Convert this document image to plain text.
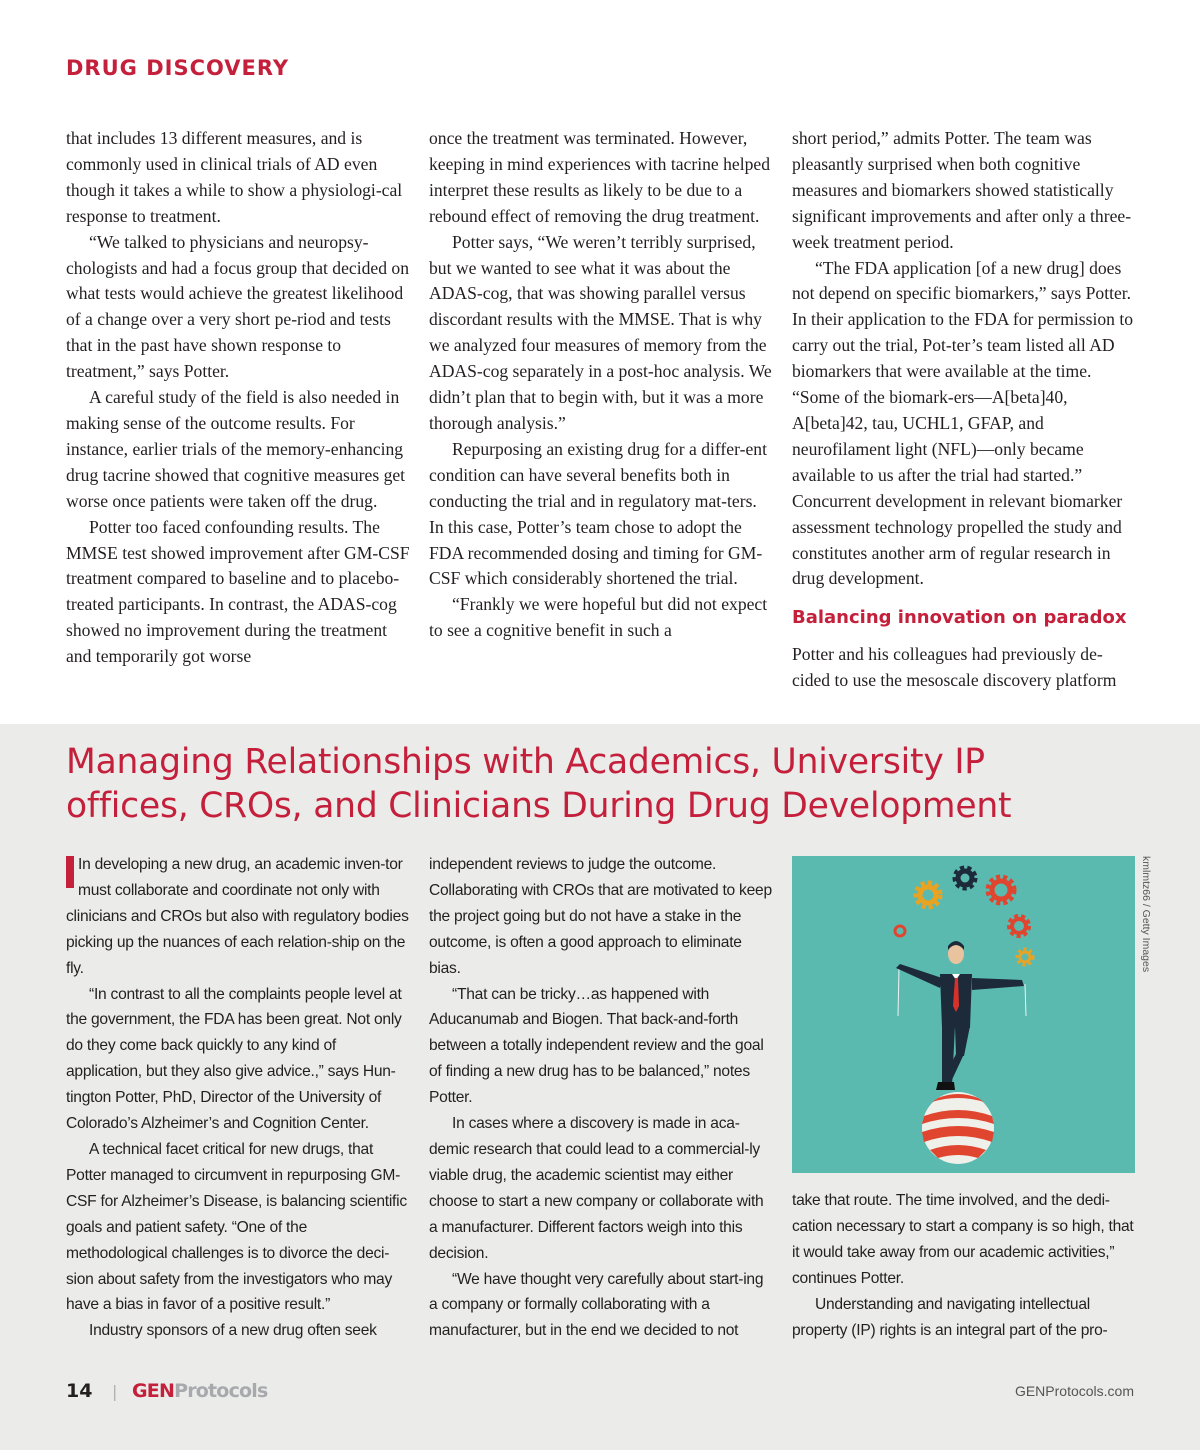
DRUG DISCOVERY

that includes 13 different measures, and is commonly used in clinical trials of AD even though it takes a while to show a physiologi-cal response to treatment.

“We talked to physicians and neuropsy-chologists and had a focus group that decided on what tests would achieve the greatest likelihood of a change over a very short pe-riod and tests that in the past have shown response to treatment,” says Potter.

A careful study of the field is also needed in making sense of the outcome results. For instance, earlier trials of the memory-enhancing drug tacrine showed that cognitive measures get worse once patients were taken off the drug.

Potter too faced confounding results. The MMSE test showed improvement after GM-CSF treatment compared to baseline and to placebo-treated participants. In contrast, the ADAS-cog showed no improvement during the treatment and temporarily got worse

once the treatment was terminated. However, keeping in mind experiences with tacrine helped interpret these results as likely to be due to a rebound effect of removing the drug treatment.

Potter says, “We weren’t terribly surprised, but we wanted to see what it was about the ADAS-cog, that was showing parallel versus discordant results with the MMSE. That is why we analyzed four measures of memory from the ADAS-cog separately in a post-hoc analysis. We didn’t plan that to begin with, but it was a more thorough analysis.”

Repurposing an existing drug for a differ-ent condition can have several benefits both in conducting the trial and in regulatory mat-ters. In this case, Potter’s team chose to adopt the FDA recommended dosing and timing for GM-CSF which considerably shortened the trial.

“Frankly we were hopeful but did not expect to see a cognitive benefit in such a

short period,” admits Potter. The team was pleasantly surprised when both cognitive measures and biomarkers showed statistically significant improvements and after only a three-week treatment period.

“The FDA application [of a new drug] does not depend on specific biomarkers,” says Potter. In their application to the FDA for permission to carry out the trial, Pot-ter’s team listed all AD biomarkers that were available at the time. “Some of the biomark-ers—A[beta]40, A[beta]42, tau, UCHL1, GFAP, and neurofilament light (NFL)—only became available to us after the trial had started.” Concurrent development in relevant biomarker assessment technology propelled the study and constitutes another arm of regular research in drug development.

Balancing innovation on paradox

Potter and his colleagues had previously de-cided to use the mesoscale discovery platform

Managing Relationships with Academics, University IP
offices, CROs, and Clinicians During Drug Development

In developing a new drug, an academic inven-tor must collaborate and coordinate not only with clinicians and CROs but also with regulatory bodies picking up the nuances of each relation-ship on the fly.

“In contrast to all the complaints people level at the government, the FDA has been great. Not only do they come back quickly to any kind of application, but they also give advice.,” says Hun-tington Potter, PhD, Director of the University of Colorado’s Alzheimer’s and Cognition Center.

A technical facet critical for new drugs, that Potter managed to circumvent in repurposing GM-CSF for Alzheimer’s Disease, is balancing scientific goals and patient safety. “One of the methodological challenges is to divorce the deci-sion about safety from the investigators who may have a bias in favor of a positive result.”

Industry sponsors of a new drug often seek

independent reviews to judge the outcome. Collaborating with CROs that are motivated to keep the project going but do not have a stake in the outcome, is often a good approach to eliminate bias.

“That can be tricky…as happened with Aducanumab and Biogen. That back-and-forth between a totally independent review and the goal of finding a new drug has to be balanced,” notes Potter.

In cases where a discovery is made in aca-demic research that could lead to a commercial-ly viable drug, the academic scientist may either choose to start a new company or collaborate with a manufacturer. Different factors weigh into this decision.

“We have thought very carefully about start-ing a company or formally collaborating with a manufacturer, but in the end we decided to not

kmlmtz66 / Getty Images

take that route. The time involved, and the dedi-cation necessary to start a company is so high, that it would take away from our academic activities,” continues Potter.

Understanding and navigating intellectual property (IP) rights is an integral part of the pro-

14 | GENProtocols	GENProtocols.com
